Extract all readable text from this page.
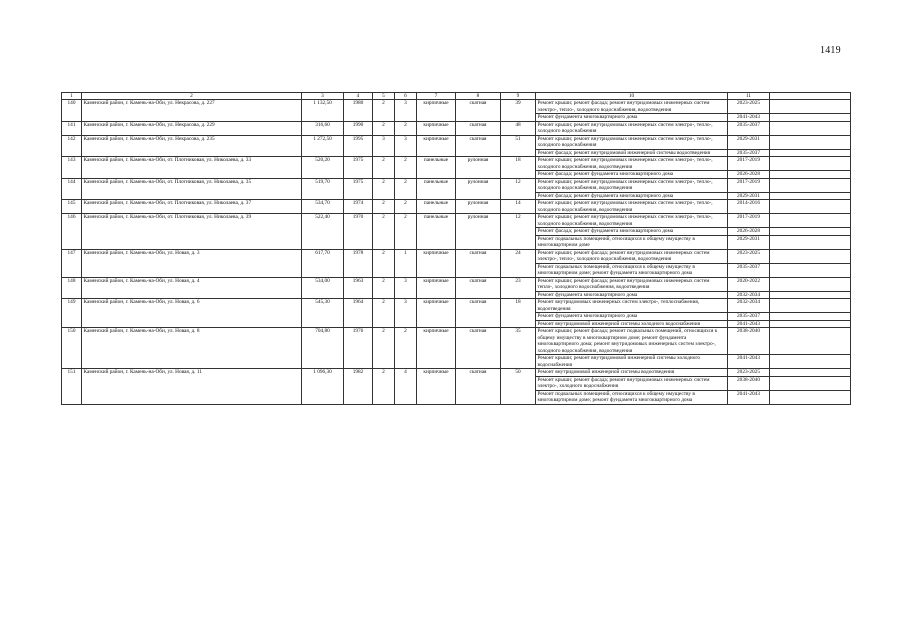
1419
1	2	3	4	5	6	7	8	9	10	11	
140	Каменский район, г. Камень-на-Оби, ул. Некрасова, д. 227	1 132,50	1980	2	3	кирпичные	скатная	39	Ремонт крыши; ремонт фасада; ремонт внутридомовых инженерных систем электро-, тепло-, холодного водоснабжения, водоотведения	2023-2025	
									Ремонт фундамента многоквартирного дома	2041-2043	
141	Каменский район, г. Камень-на-Оби, ул. Некрасова, д. 229	316,60	1990	2	2	кирпичные	скатная	48	Ремонт крыши; ремонт внутридомовых инженерных систем электро-, тепло-, холодного водоснабжения	2035-2037	
142	Каменский район, г. Камень-на-Оби, ул. Некрасова, д. 235	1 272,50	1995	3	3	кирпичные	скатная	51	Ремонт крыши; ремонт внутридомовых инженерных систем электро-, тепло-, холодного водоснабжения	2029-2031	
									Ремонт фасада; ремонт внутридомовой инженерной системы водоотведения	2035-2037	
143	Каменский район, г. Камень-на-Оби, от. Плотниковая, ул. Николаева, д. 33	520,20	1975	2	2	панельные	рулонная	18	Ремонт крыши; ремонт внутридомовых инженерных систем электро-, тепло-, холодного водоснабжения, водоотведения	2017-2019	
									Ремонт фасада; ремонт фундамента многоквартирного дома	2026-2028	
144	Каменский район, г. Камень-на-Оби, от. Плотниковая, ул. Николаева, д. 35	519,70	1975	2	2	панельные	рулонная	12	Ремонт крыши; ремонт внутридомовых инженерных систем электро-, тепло-, холодного водоснабжения, водоотведения	2017-2019	
									Ремонт фасада; ремонт фундамента многоквартирного дома	2029-2031	
145	Каменский район, г. Камень-на-Оби, от. Плотниковая, ул. Николаева, д. 37	534,70	1974	2	2	панельные	рулонная	14	Ремонт крыши; ремонт внутридомовых инженерных систем электро-, тепло-, холодного водоснабжения, водоотведения	2014-2016	
146	Каменский район, г. Камень-на-Оби, от. Плотниковая, ул. Николаева, д. 39	522,40	1970	2	2	панельные	рулонная	12	Ремонт крыши; ремонт внутридомовых инженерных систем электро-, тепло-, холодного водоснабжения, водоотведения	2017-2019	
									Ремонт фасада; ремонт фундамента многоквартирного дома	2026-2028	
									Ремонт подвальных помещений, относящихся к общему имуществу в многоквартирном доме	2029-2031	
147	Каменский район, г. Камень-на-Оби, ул. Новая, д. 3	617,70	1978	2	1	кирпичные	скатная	24	Ремонт крыши; ремонт фасада; ремонт внутридомовых инженерных систем электро-, тепло-, холодного водоснабжения, водоотведения	2023-2025	
									Ремонт подвальных помещений, относящихся к общему имуществу в многоквартирном доме; ремонт фундамента многоквартирного дома	2035-2037	
148	Каменский район, г. Камень-на-Оби, ул. Новая, д. 4	534,00	1963	2	3	кирпичные	скатная	23	Ремонт крыши; ремонт фасада; ремонт внутридомовых инженерных систем тепло-, холодного водоснабжения, водоотведения	2020-2022	
									Ремонт фундамента многоквартирного дома	2032-2034	
149	Каменский район, г. Камень-на-Оби, ул. Новая, д. 6	545,30	1964	2	3	кирпичные	скатная	18	Ремонт внутридомовых инженерных систем электро-, теплоснабжения, водоотведения	2032-2034	
									Ремонт фундамента многоквартирного дома	2035-2037	
									Ремонт внутридомовой инженерной системы холодного водоснабжения	2041-2043	
150	Каменский район, г. Камень-на-Оби, ул. Новая, д. 8	704,80	1976	2	2	кирпичные	скатная	35	Ремонт крыши; ремонт фасада; ремонт подвальных помещений, относящихся к общему имуществу в многоквартирном доме; ремонт фундамента многоквартирного дома; ремонт внутридомовых инженерных систем электро-, холодного водоснабжения, водоотведения	2038-2040	
									Ремонт крыши; ремонт внутридомовой инженерной системы холодного водоснабжения	2041-2043	
151	Каменский район, г. Камень-на-Оби, ул. Новая, д. 11	1 096,30	1982	2	4	кирпичные	скатная	50	Ремонт внутридомовой инженерной системы водоотведения	2023-2025	
									Ремонт крыши; ремонт фасада; ремонт внутридомовых инженерных систем электро-, холодного водоснабжения	2038-2040	
									Ремонт подвальных помещений, относящихся к общему имуществу в многоквартирном доме; ремонт фундамента многоквартирного дома	2041-2043	
